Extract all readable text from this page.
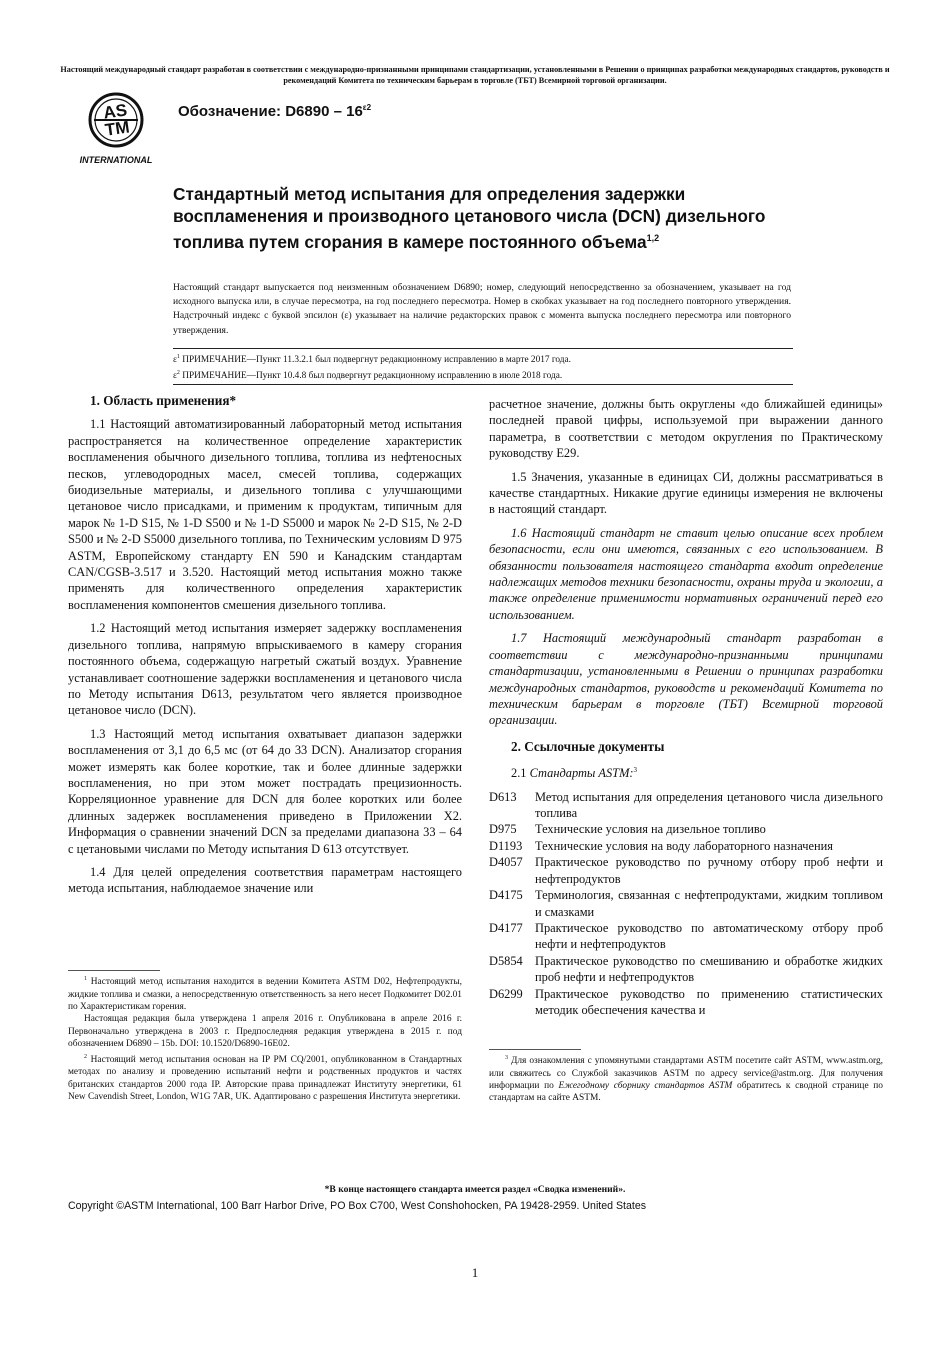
Настоящий международный стандарт разработан в соответствии с международно-признанными принципами стандартизации, установленными в Решении о принципах разработки международных стандартов, руководств и рекомендаций Комитета по техническим барьерам в торговле (ТБТ) Всемирной торговой организации.
AS
TM
INTERNATIONAL
Обозначение: $D6890 - 16^{\varepsilon 2}$
Стандартный метод испытания для определения задержки воспламенения и производного цетанового числа (DCN) дизельного топлива путем сгорания в камере постоянного объема$^{1,2}$
Настоящий стандарт выпускается под неизменным обозначением D6890; номер, следующий непосредственно за обозначением, указывает на год исходного выпуска или, в случае пересмотра, на год последнего пересмотра. Номер в скобках указывает на год последнего повторного утверждения. Надстрочный индекс с буквой эпсилон (ε) указывает на наличие редакторских правок с момента выпуска последнего пересмотра или повторного утверждения.
$\varepsilon^1$ ПРИМЕЧАНИЕ—Пункт 11.3.2.1 был подвергнут редакционному исправлению в марте 2017 года.
$\varepsilon^2$ ПРИМЕЧАНИЕ—Пункт 10.4.8 был подвергнут редакционному исправлению в июле 2018 года.

1. Область применения*

1.1 Настоящий автоматизированный лабораторный метод испытания распространяется на количественное определение характеристик воспламенения обычного дизельного топлива, топлива из нефтеносных песков, углеводородных масел, смесей топлива, содержащих биодизельные материалы, и дизельного топлива с улучшающими цетановое число присадками, и применим к продуктам, типичным для марок № 1-D S15, № 1-D S500 и № 1-D S5000 и марок № 2-D S15, № 2-D S500 и № 2-D S5000 дизельного топлива, по Техническим условиям D 975 ASTM, Европейскому стандарту EN 590 и Канадским стандартам CAN/CGSB-3.517 и 3.520. Настоящий метод испытания можно также применять для количественного определения характеристик воспламенения компонентов смешения дизельного топлива.

1.2 Настоящий метод испытания измеряет задержку воспламенения дизельного топлива, напрямую впрыскиваемого в камеру сгорания постоянного объема, содержащую нагретый сжатый воздух. Уравнение устанавливает соотношение задержки воспламенения и цетанового числа по Методу испытания D613, результатом чего является производное цетановое число (DCN).

1.3 Настоящий метод испытания охватывает диапазон задержки воспламенения от 3,1 до 6,5 мс (от 64 до 33 DCN). Анализатор сгорания может измерять как более короткие, так и более длинные задержки воспламенения, но при этом может пострадать прецизионность. Корреляционное уравнение для DCN для более коротких или более длинных задержек воспламенения приведено в Приложении X2. Информация о сравнении значений DCN за пределами диапазона 33 – 64 с цетановыми числами по Методу испытания D 613 отсутствует.

1.4 Для целей определения соответствия параметрам настоящего метода испытания, наблюдаемое значение или

$^1$ Настоящий метод испытания находится в ведении Комитета ASTM D02, Нефтепродукты, жидкие топлива и смазки, а непосредственную ответственность за него несет Подкомитет D02.01 по Характеристикам горения.

Настоящая редакция была утверждена 1 апреля 2016 г. Опубликована в апреле 2016 г. Первоначально утверждена в 2003 г. Предпоследняя редакция утверждена в 2015 г. под обозначением D6890 – 15b. DOI: 10.1520/D6890-16E02.

$^2$ Настоящий метод испытания основан на IP PM CQ/2001, опубликованном в Стандартных методах по анализу и проведению испытаний нефти и родственных продуктов и частях британских стандартов 2000 года IP. Авторские права принадлежат Институту энергетики, 61 New Cavendish Street, London, W1G 7AR, UK. Адаптировано с разрешения Института энергетики.

расчетное значение, должны быть округлены «до ближайшей единицы» последней правой цифры, используемой при выражении данного параметра, в соответствии с методом округления по Практическому руководству E29.

1.5 Значения, указанные в единицах СИ, должны рассматриваться в качестве стандартных. Никакие другие единицы измерения не включены в настоящий стандарт.

1.6 Настоящий стандарт не ставит целью описание всех проблем безопасности, если они имеются, связанных с его использованием. В обязанности пользователя настоящего стандарта входит определение надлежащих методов техники безопасности, охраны труда и экологии, а также определение применимости нормативных ограничений перед его использованием.

1.7 Настоящий международный стандарт разработан в соответствии с международно-признанными принципами стандартизации, установленными в Решении о принципах разработки международных стандартов, руководств и рекомендаций Комитета по техническим барьерам в торговле (ТБТ) Всемирной торговой организации.

2. Ссылочные документы

2.1 Стандарты ASTM:$^3$

D613	Метод испытания для определения цетанового числа дизельного топлива
D975	Технические условия на дизельное топливо
D1193	Технические условия на воду лабораторного назначения
D4057 Практическое руководство по ручному отбору проб нефти и нефтепродуктов
D4175 Терминология, связанная с нефтепродуктами, жидким топливом и смазками
D4177 Практическое руководство по автоматическому отбору проб нефти и нефтепродуктов
D5854 Практическое руководство по смешиванию и обработке жидких проб нефти и нефтепродуктов
D6299 Практическое руководство по применению статистических методик обеспечения качества и

$^3$ Для ознакомления с упомянутыми стандартами ASTM посетите сайт ASTM, www.astm.org, или свяжитесь со Службой заказчиков ASTM по адресу service@astm.org. Для получения информации по Ежегодному сборнику стандартов ASTM обратитесь к сводной странице по стандартам на сайте ASTM.

*В конце настоящего стандарта имеется раздел «Сводка изменений».
Copyright ©ASTM International, 100 Barr Harbor Drive, PO Box C700, West Conshohocken, PA 19428-2959. United States
1
